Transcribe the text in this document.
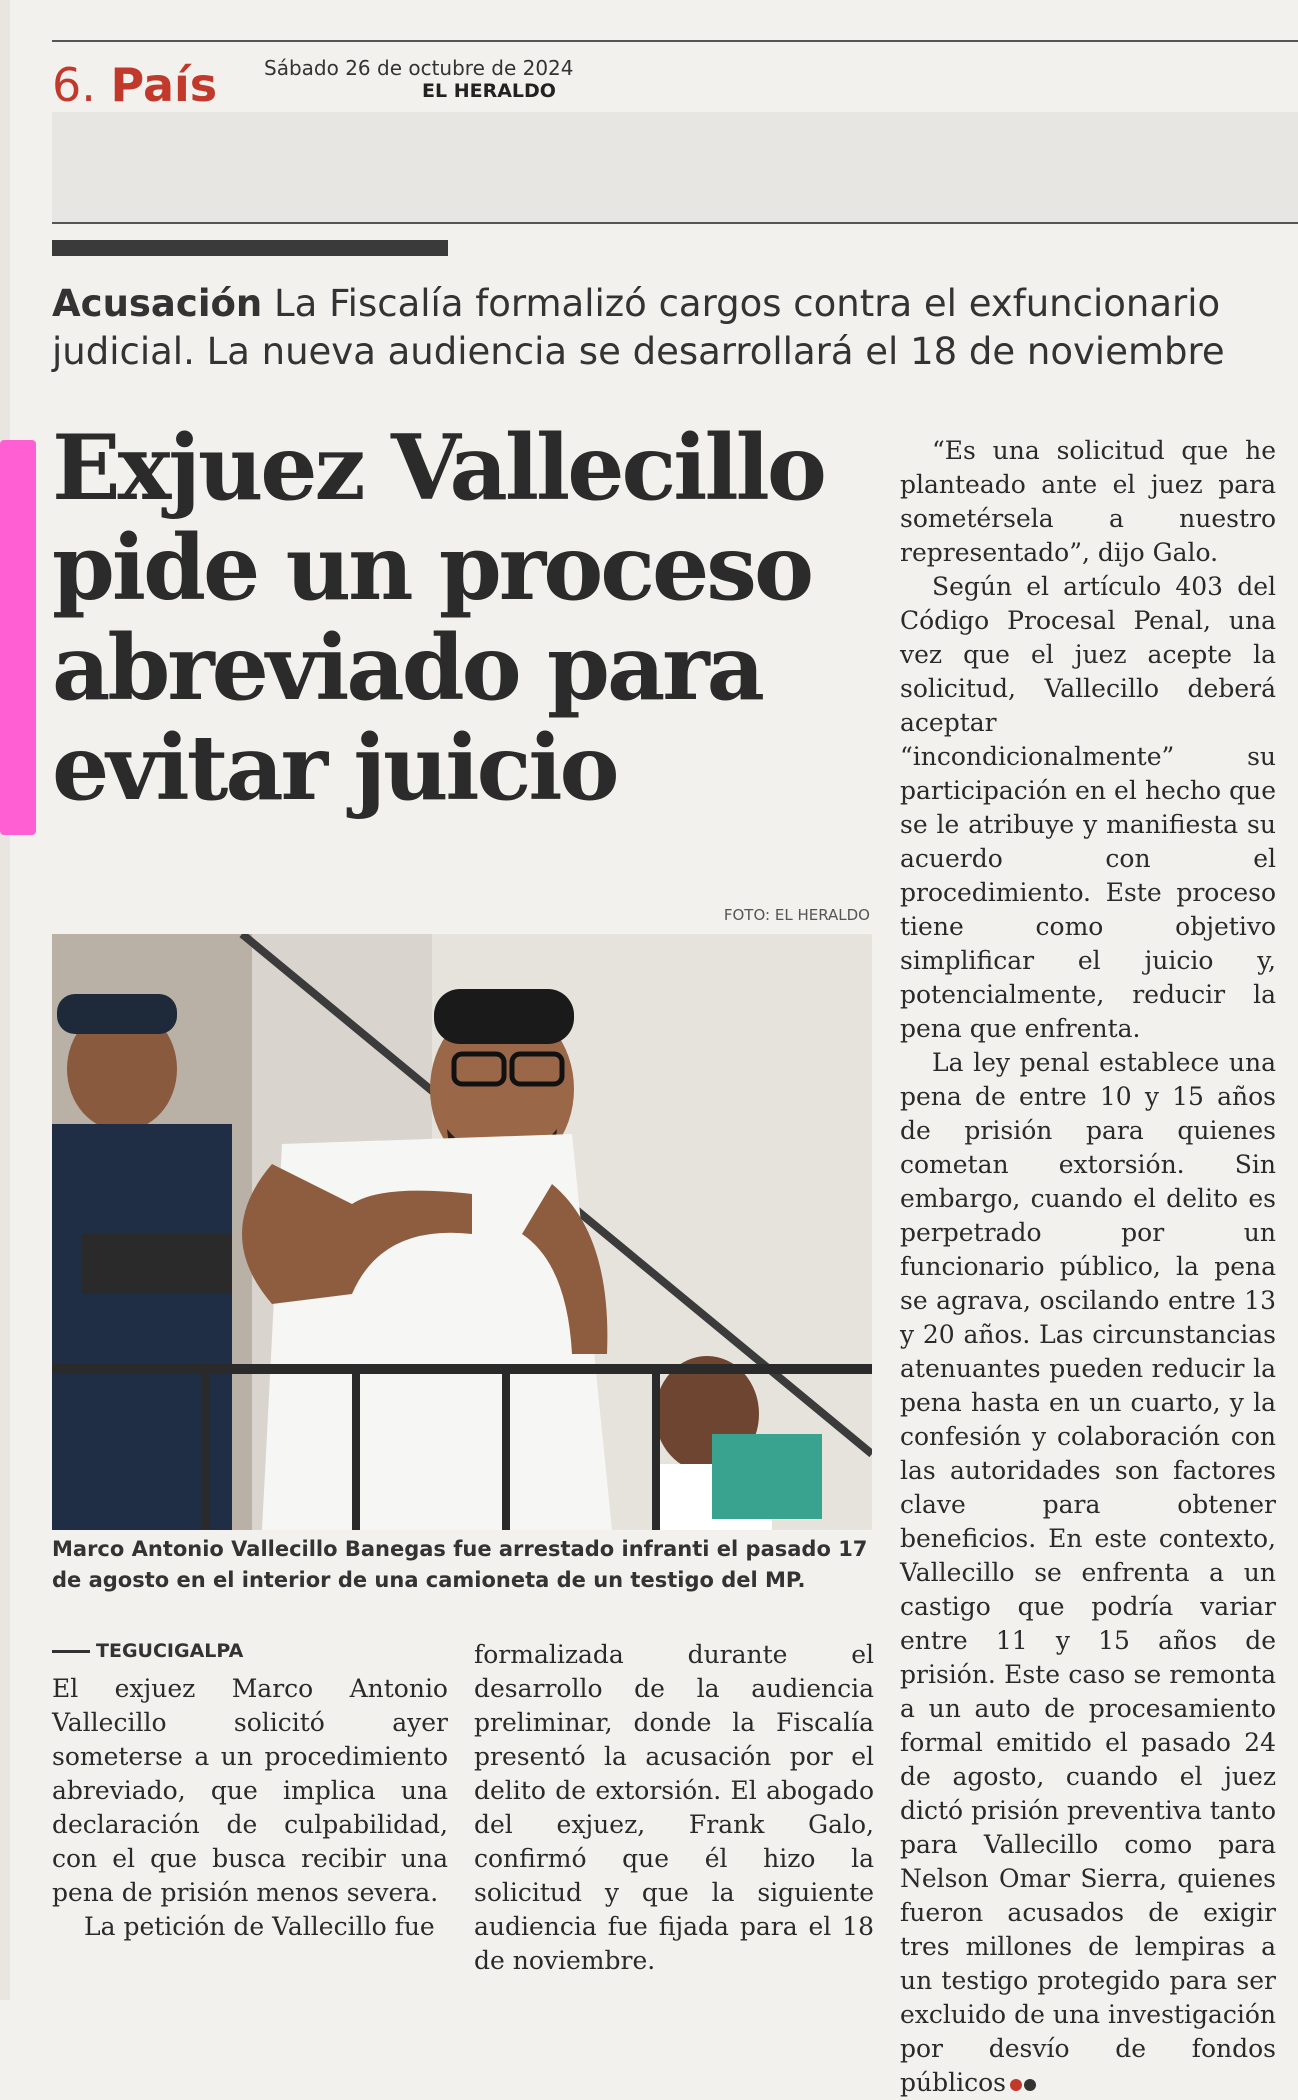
6. País Sábado 26 de octubre de 2024
EL HERALDO
Acusación La Fiscalía formalizó cargos contra el exfuncionario judicial. La nueva audiencia se desarrollará el 18 de noviembre
Exjuez Vallecillo pide un proceso abreviado para evitar juicio
FOTO: EL HERALDO
Marco Antonio Vallecillo Banegas fue arrestado infranti el pasado 17 de agosto en el interior de una camioneta de un testigo del MP.
TEGUCIGALPA

El exjuez Marco Antonio Vallecillo solicitó ayer someterse a un procedimiento abreviado, que implica una declaración de culpabilidad, con el que busca recibir una pena de prisión menos severa.

La petición de Vallecillo fue

formalizada durante el desarrollo de la audiencia preliminar, donde la Fiscalía presentó la acusación por el delito de extorsión. El abogado del exjuez, Frank Galo, confirmó que él hizo la solicitud y que la siguiente audiencia fue fijada para el 18 de noviembre.

“Es una solicitud que he planteado ante el juez para sometérsela a nuestro representado”, dijo Galo.

Según el artículo 403 del Código Procesal Penal, una vez que el juez acepte la solicitud, Vallecillo deberá aceptar “incondicionalmente” su participación en el hecho que se le atribuye y manifiesta su acuerdo con el procedimiento. Este proceso tiene como objetivo simplificar el juicio y, potencialmente, reducir la pena que enfrenta.

La ley penal establece una pena de entre 10 y 15 años de prisión para quienes cometan extorsión. Sin embargo, cuando el delito es perpetrado por un funcionario público, la pena se agrava, oscilando entre 13 y 20 años. Las circunstancias atenuantes pueden reducir la pena hasta en un cuarto, y la confesión y colaboración con las autoridades son factores clave para obtener beneficios. En este contexto, Vallecillo se enfrenta a un castigo que podría variar entre 11 y 15 años de prisión. Este caso se remonta a un auto de procesamiento formal emitido el pasado 24 de agosto, cuando el juez dictó prisión preventiva tanto para Vallecillo como para Nelson Omar Sierra, quienes fueron acusados de exigir tres millones de lempiras a un testigo protegido para ser excluido de una investigación por desvío de fondos públicos
